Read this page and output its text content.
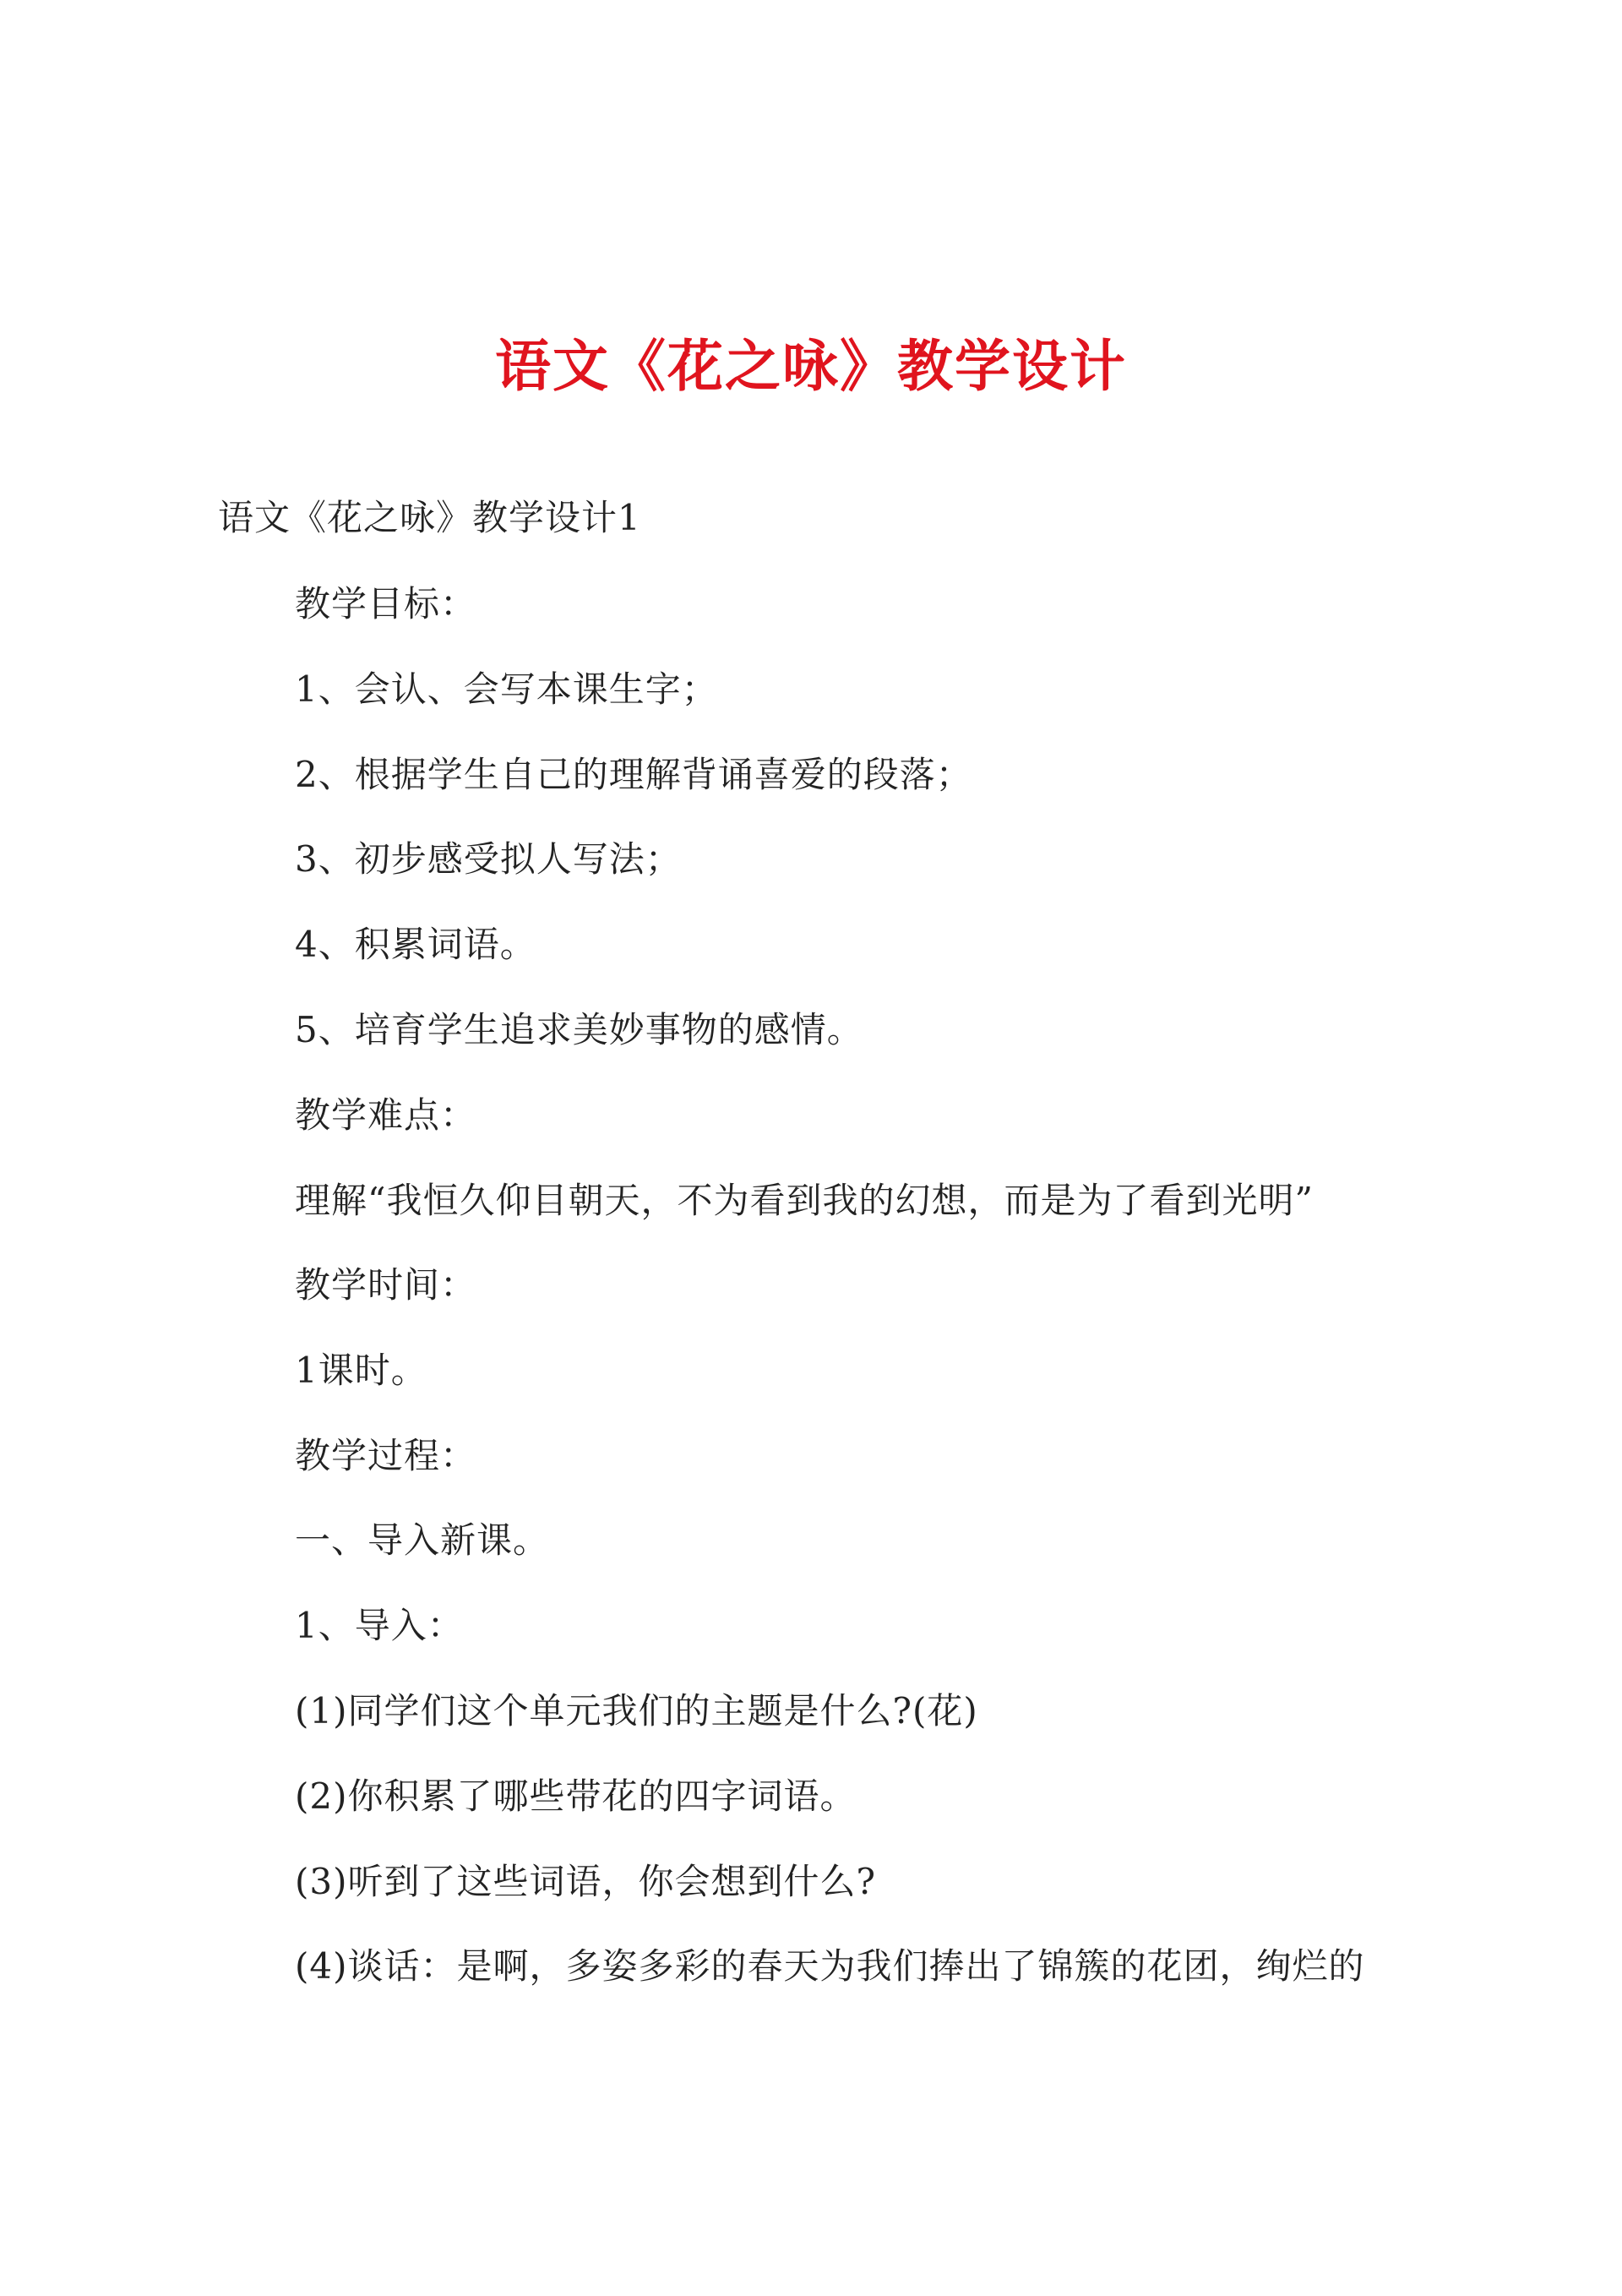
语文《花之咏》教学设计
语文《花之咏》教学设计1
教学目标：
1、会认、会写本课生字；
2、根据学生自己的理解背诵喜爱的段落；
3、初步感受拟人写法；
4、积累词语。
5、培育学生追求美妙事物的感情。
教学难点：
理解“我恒久仰目朝天，不为看到我的幻想，而是为了看到光明”
教学时间：
1课时。
教学过程：
一、导入新课。
1、导入：
(1)同学们这个单元我们的主题是什么?(花)
(2)你积累了哪些带花的四字词语。
(3)听到了这些词语，你会想到什么?
(4)谈话：是啊，多姿多彩的春天为我们捧出了锦簇的花团，绚烂的
